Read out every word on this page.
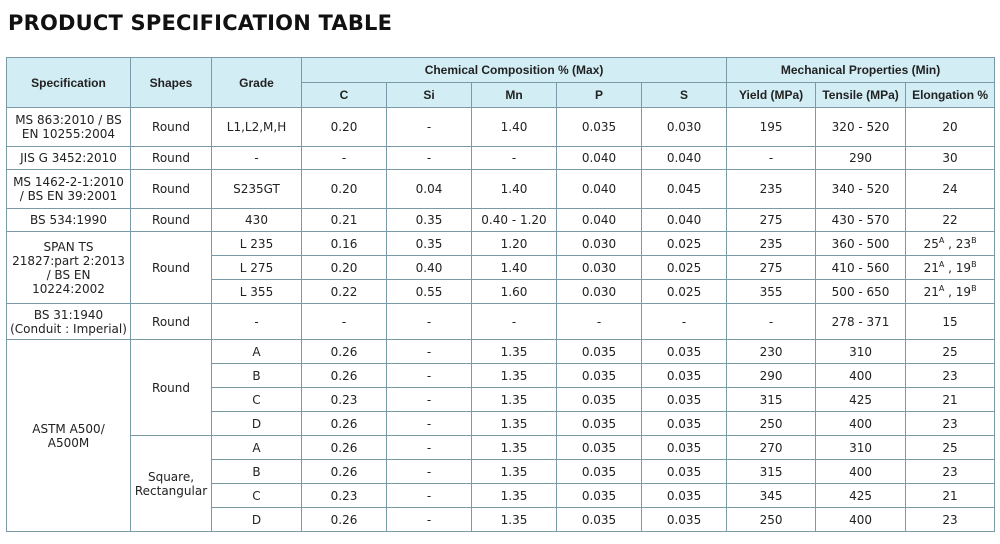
PRODUCT SPECIFICATION TABLE
Specification	Shapes	Grade	Chemical Composition % (Max)					Mechanical Properties (Min)		
			C	Si	Mn	P	S	Yield (MPa)	Tensile (MPa)	Elongation %
MS 863:2010 / BS EN 10255:2004	Round	L1,L2,M,H	0.20	-	1.40	0.035	0.030	195	320 - 520	20
JIS G 3452:2010	Round	-	-	-	-	0.040	0.040	-	290	30
MS 1462-2-1:2010 / BS EN 39:2001	Round	S235GT	0.20	0.04	1.40	0.040	0.045	235	340 - 520	24
BS 534:1990	Round	430	0.21	0.35	0.40 - 1.20	0.040	0.040	275	430 - 570	22
SPAN TS 21827:part 2:2013 / BS EN 10224:2002	Round	L 235	0.16	0.35	1.20	0.030	0.025	235	360 - 500	$25^A$ , $23^B$
		L 275	0.20	0.40	1.40	0.030	0.025	275	410 - 560	$21^A$ , $19^B$
		L 355	0.22	0.55	1.60	0.030	0.025	355	500 - 650	$21^A$ , $19^B$
BS 31:1940 (Conduit : Imperial)	Round	-	-	-	-	-	-	-	278 - 371	15
ASTM A500/ A500M	Round	A	0.26	-	1.35	0.035	0.035	230	310	25
		B	0.26	-	1.35	0.035	0.035	290	400	23
		C	0.23	-	1.35	0.035	0.035	315	425	21
		D	0.26	-	1.35	0.035	0.035	250	400	23
	Square, Rectangular	A	0.26	-	1.35	0.035	0.035	270	310	25
		B	0.26	-	1.35	0.035	0.035	315	400	23
		C	0.23	-	1.35	0.035	0.035	345	425	21
		D	0.26	-	1.35	0.035	0.035	250	400	23
